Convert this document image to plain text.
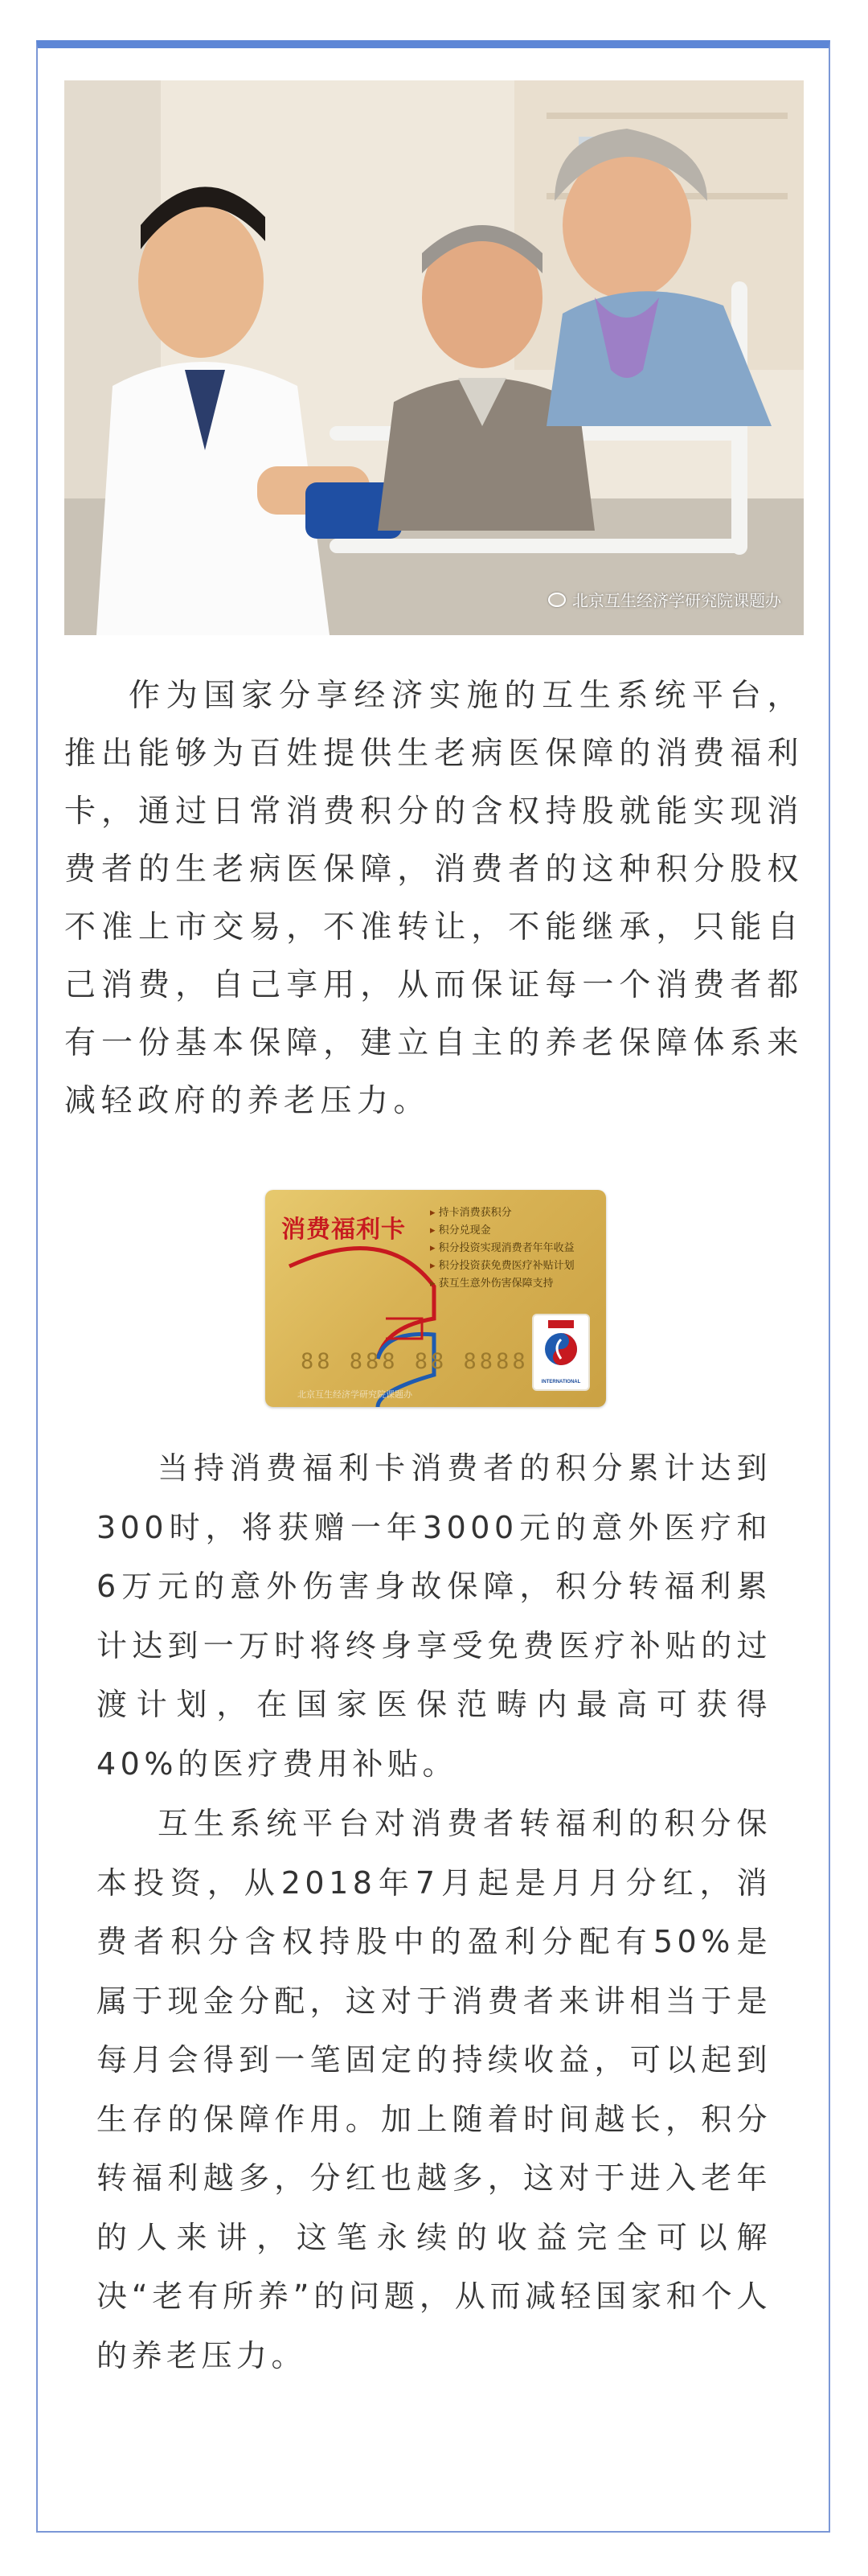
北京互生经济学研究院课题办

作为国家分享经济实施的互生系统平台，推出能够为百姓提供生老病医保障的消费福利卡，通过日常消费积分的含权持股就能实现消费者的生老病医保障，消费者的这种积分股权不准上市交易，不准转让，不能继承，只能自己消费，自己享用，从而保证每一个消费者都有一份基本保障，建立自主的养老保障体系来减轻政府的养老压力。

消费福利卡
▸ 持卡消费获积分
▸ 积分兑现金
▸ 积分投资实现消费者年年收益
▸ 积分投资获免费医疗补贴计划
▸ 获互生意外伤害保障支持
88 888 88 8888
INTERNATIONAL
北京互生经济学研究院课题办

当持消费福利卡消费者的积分累计达到300时，将获赠一年3000元的意外医疗和6万元的意外伤害身故保障，积分转福利累计达到一万时将终身享受免费医疗补贴的过渡计划，在国家医保范畴内最高可获得40%的医疗费用补贴。

互生系统平台对消费者转福利的积分保本投资，从2018年7月起是月月分红，消费者积分含权持股中的盈利分配有50%是属于现金分配，这对于消费者来讲相当于是每月会得到一笔固定的持续收益，可以起到生存的保障作用。加上随着时间越长，积分转福利越多，分红也越多，这对于进入老年的人来讲，这笔永续的收益完全可以解决“老有所养”的问题，从而减轻国家和个人的养老压力。
